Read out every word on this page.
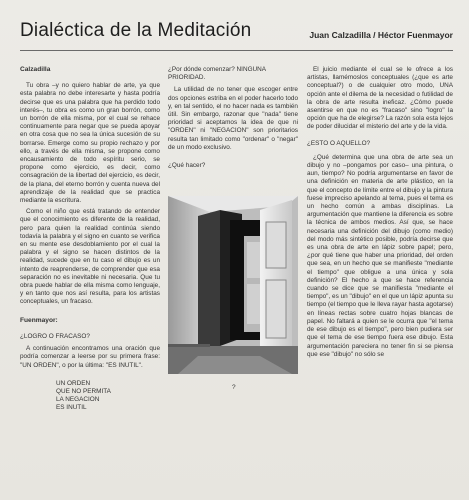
Dialéctica de la Meditación	Juan Calzadilla / Héctor Fuenmayor
Calzadilla

Tu obra –y no quiero hablar de arte, ya que esta palabra no debe interesarte y hasta podría decirse que es una palabra que ha perdido todo interés–, tu obra es como un gran borrón, como un borrón de ella misma, por el cual se rehace continuamente para negar que se pueda apoyar en otra cosa que no sea la única sucesión de su borrarse. Emerge como su propio rechazo y por ello, a través de ella misma, se propone como encausamiento de todo espíritu serio, se propone como ejercicio, es decir, como consagración de la libertad del ejercicio, es decir, de la plana, del eterno borrón y cuenta nueva del aprendizaje de la realidad que se practica mediante la escritura.

Como el niño que está tratando de entender que el conocimiento es diferente de la realidad, pero para quien la realidad continúa siendo todavía la palabra y el signo en cuanto se verifica en su mente ese desdoblamiento por el cual la palabra y el signo se hacen distintos de la realidad, sucede que en tu caso el dibujo es un intento de reaprenderse, de comprender que esa separación no es inevitable ni necesaria. Que tu obra puede hablar de ella misma como lenguaje, y en tanto que nos así resulta, para los artistas conceptuales, un fracaso.

Fuenmayor:
¿LOGRO O FRACASO?

A continuación encontramos una oración que podría comenzar a leerse por su primera frase: "UN ORDEN", o por la última: "ES INUTIL".

UN ORDEN
QUE NO PERMITA
LA NEGACION
ES INUTIL
¿Por dónde comenzar? NINGUNA PRIORIDAD.

La utilidad de no tener que escoger entre dos opciones estriba en el poder hacerlo todo y, en tal sentido, el no hacer nada es también útil. Sin embargo, razonar que "nada" tiene prioridad si aceptamos la idea de que ni "ORDEN" ni "NEGACION" son prioritarios resulta tan limitado como "ordenar" o "negar" de un modo exclusivo.

¿Qué hacer?
?

El juicio mediante el cual se le ofrece a los artistas, llamémoslos conceptuales (¿que es arte conceptual?) o de cualquier otro modo, UNA opción ante el dilema de la necesidad o futilidad de la obra de arte resulta ineficaz. ¿Cómo puede asentirse en que no es "fracaso" sino "logro" la opción que ha de elegirse? La razón sola esta lejos de poder dilucidar el misterio del arte y de la vida.

¿ESTO O AQUELLO?

¿Qué determina que una obra de arte sea un dibujo y no –pongamos por caso– una pintura, o aun, tiempo? No podría argumentarse en favor de una definición en materia de arte plástico, en la que el concepto de límite entre el dibujo y la pintura fuese impreciso apelando al tema, pues el tema es un hecho común a ambas disciplinas. La argumentación que mantiene la diferencia es sobre la técnica de ambos medios. Así que, se hace necesaria una definición del dibujo (como medio) del modo más sintético posible, podría decirse que es una obra de arte en lápiz sobre papel; pero, ¿por qué tiene que haber una prioridad, del orden que sea, en un hecho que se manifieste "mediante el tiempo" que obligue a una única y sola definición? El hecho a que se hace referencia cuando se dice que se manifiesta "mediante el tiempo", es un "dibujo" en el que un lápiz apunta su tiempo (el tiempo que le lleva rayar hasta agotarse) en líneas rectas sobre cuatro hojas blancas de papel. No faltará a quien se le ocurra que "el tema de ese dibujo es el tiempo", pero bien pudiera ser que el tema de ese tiempo fuera ese dibujo. Esta argumentación pareciera no tener fin si se piensa que ese "dibujo" no sólo se
